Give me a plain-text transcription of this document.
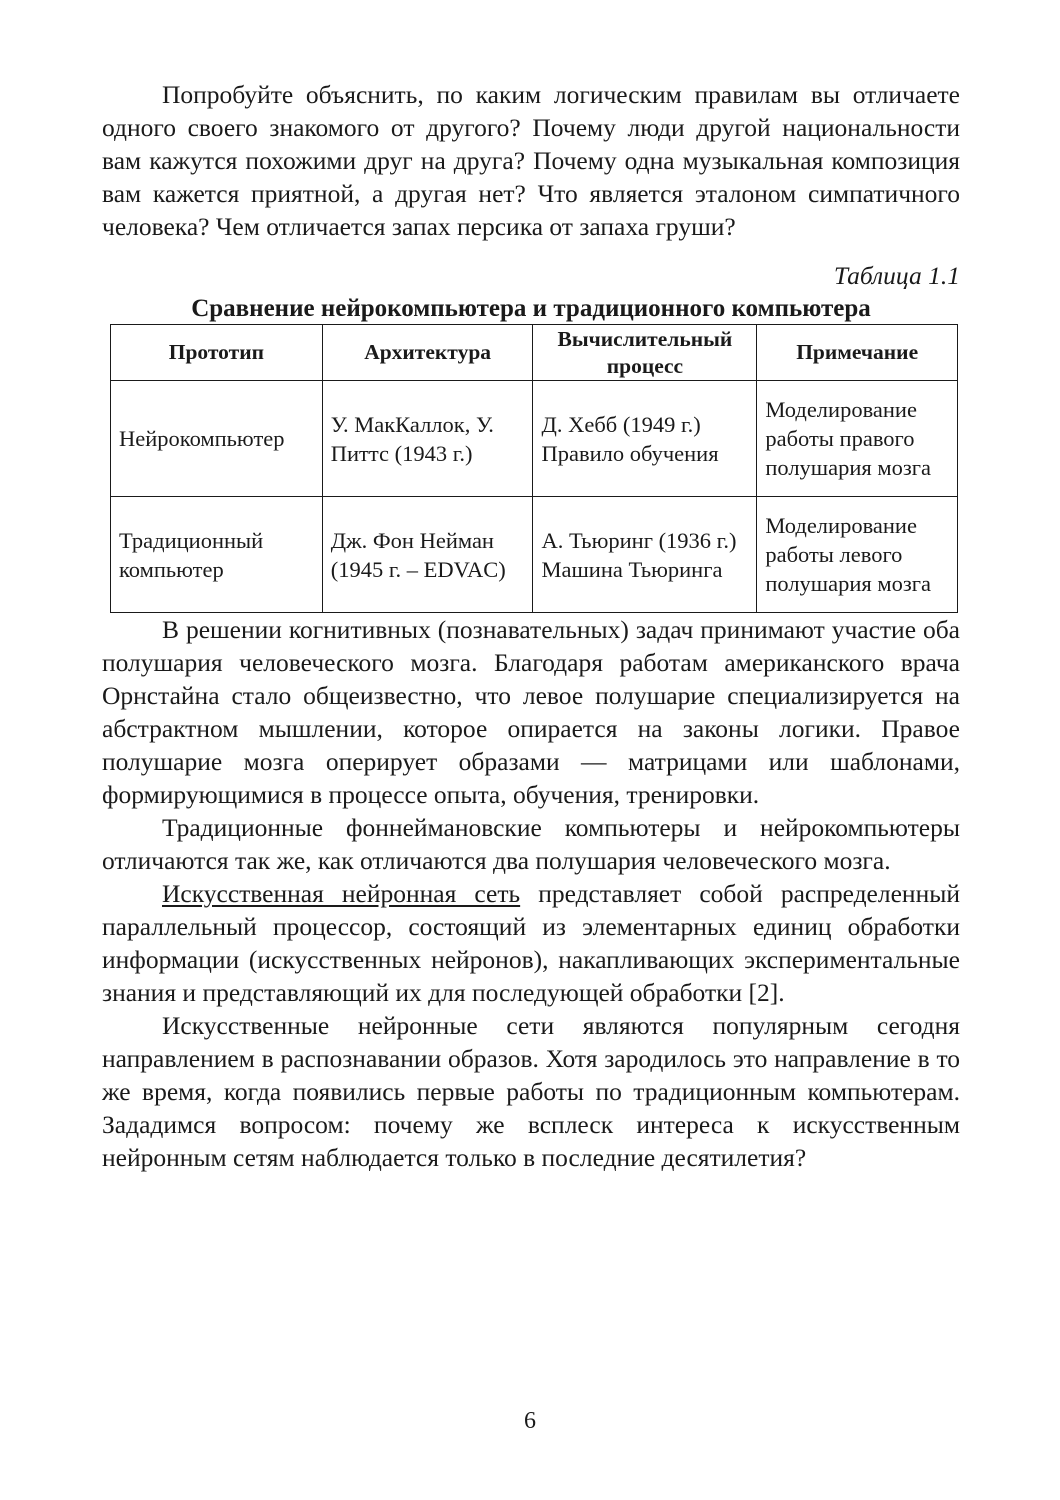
Попробуйте объяснить, по каким логическим правилам вы отличаете одного своего знакомого от другого? Почему люди другой национальности вам кажутся похожими друг на друга? Почему одна музыкальная композиция вам кажется приятной, а другая нет? Что является эталоном симпатичного человека? Чем отличается запах персика от запаха груши?

Таблица 1.1
Сравнение нейрокомпьютера и традиционного компьютера
Прототип	Архитектура	Вычислительный процесс	Примечание
Нейрокомпьютер	У. МакКаллок, У. Питтс (1943 г.)	Д. Хебб (1949 г.) Правило обучения	Моделирование работы правого полушария мозга
Традиционный компьютер	Дж. Фон Нейман (1945 г. – EDVAC)	А. Тьюринг (1936 г.) Машина Тьюринга	Моделирование работы левого полушария мозга

В решении когнитивных (познавательных) задач принимают участие оба полушария человеческого мозга. Благодаря работам американского врача Орнстайна стало общеизвестно, что левое полушарие специализируется на абстрактном мышлении, которое опирается на законы логики. Правое полушарие мозга оперирует образами — матрицами или шаблонами, формирующимися в процессе опыта, обучения, тренировки.

Традиционные фоннеймановские компьютеры и нейрокомпьютеры отличаются так же, как отличаются два полушария человеческого мозга.

Искусственная нейронная сеть представляет собой распределенный параллельный процессор, состоящий из элементарных единиц обработки информации (искусственных нейронов), накапливающих экспериментальные знания и представляющий их для последующей обработки [2].

Искусственные нейронные сети являются популярным сегодня направлением в распознавании образов. Хотя зародилось это направление в то же время, когда появились первые работы по традиционным компьютерам. Зададимся вопросом: почему же всплеск интереса к искусственным нейронным сетям наблюдается только в последние десятилетия?

6
